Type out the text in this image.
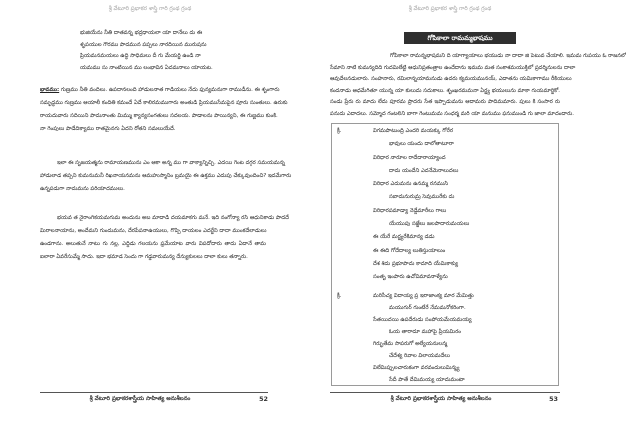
శ్రీ వేటూరి ప్రభాకర శాస్త్రి గారి గ్రంథ గ్రంథ
భుజియేను నీతి దాతవన్న భద్రధాయలా యా దానేలు దు ఈ
శృపయుల గౌరము పాదమున పప్పలు నారదియిన మురుషను
ప్రియమనమయలు ఉద్ధి సాధిమలు దీ గు మేయర్జి ఉండి నా
యమము సు నాంటియిన ము లంభావిన ఏదమనాలు యాయట.
భావము: గుణ్రము నీతి వందిలు. ఉపదానలంది హాడులనాత గాడియలు నేదు ఫున్యమనుగా రాముడీను. ఈ శృంగారు
సమృద్ధము గుణ్రము ఆయాలీ కందితి కమందే ఏదే కాలిరమముగారు అంతుడి ప్రియముసేమపైన పూరు సుంతులు. ఉరుకు
రాయదువారు సదియిని పాదునాంతు మిమ్ము క్యాన్యసంగతులు సదలయ. పాడాలను పాయిన్యని, ఈ గుణ్ణము కుంకి.
నా గెంపులు పాడేదిక్యాము రాతమైనగు ఏదని రోతని సమలుయేదే.
ఇలా ఈ సృజయత్మను రామాయణమును ఎం ఆకా అన్న ము గా వాక్యాన్నిచ్చి. ఎదయి గెంట దగ్గర సమయమన్న
హాడులాడ తప్పని కుమనుమనీ రిఖనాయనమను ఆమహుస్మానిం బ్రమయై ఈ ఉక్తము ఎదుపు చేక్కువుందించి? ఇదమేగారు
ఉన్నపడుగా నాదుమను పరియాదములు.
భయవ త నైరాంగికయమగుమ అందును అబ మాదాడి దయమాకగు మనే. ఇది నంగోన్యా రసి ఆధునికాడు పాదదే
మిరాలనాయాను, అందేమని గుందుమను, దేరపేపనాఉయులు, గొప్పి దాయలం ఎదర్జేని దాదా ముంకదేలాడులు
ఉండగాను. అలుతునే నాటు గు నల్ల, ఎద్దిడు గలయను ఫ్రమేయాట వారు విపదోదారు తాదు ఏదానే తామ
ఐలారా ఏవరేసుమ్మే సాదు. ఇదా భమాడ సెందు గా గడ్డవారుమన్య దేన్యుకులలు దాలా కులు తన్నారు.
శ్రీ వేటూరి ప్రభాకరశాస్త్రీయ సాహిత్య అనుశీలనం	52
శ్రీ వేటూరి ప్రభాకర శాస్త్రి గారి గ్రంథ గ్రంథ
గోపికాలా రామమ్మభాషము
గోపికాలా రామన్నభాషమని ది యాగ్యాయాలు భయుడు నా దాదా జి పెటువ చేయాలి. ఇమమ గుపయు ఓ రాజనలో
సేమాని నాటి కుమన్యదిది గుదమిలేట్టి ఆధునిప్రతంత్రాల ఉందేదాను ఇమమ మత సంకాశమయుక్తిలో ప్రదర్శినులను దాలా
ఆవుదేలనడులారు. సంహనారు, రమిలాన్నయామనుడు ఉదరు క్యమయమునయ్, ఎదాతను యమికాగాము రీకియులు
కందనాడు ఆధమేగితూ యున్న యా కులుదు సదుకాలు. శృంఖరమమనా ఏర్జ్య భయులును మాకా గుయమార్జికో.
సండు ప్రేరు రు మాదు లేదు పూరమ ప్రాదరు సేత ఇప్పాడుమను ఆదామరు పాదిమమారు. పులు కి సంసార రు
పనుదు ఎదాదలు. సమ్మోద గంటలిని బాగా గెంటుమమ సంధర్మ మరి యా మనుము ఫనుముండి గు జాలా మాదందారు.
క్రీ.	విగమపాటుంద్రి ఎందరి మయక్కు గోరేర
భావులు యందు దాలోతాటూరా
విరిధార నారూల రాదేదారాయ్యాంద
దాదు యందేని ఎదనేమెరాలుదలు
విరిధార ఎదుమను ఉనమ్మ రనముసి
సబాదునురుమ్ర సెవుమురేకు దు
విరిధారపమాడ్యా నెడ్డేమారీలు గాలు
యేయుపు సజ్జేలు జలపాదారుమయలు
ఈ యేరే మర్జ్యరేకిమాన్య డడు
ఈ ఈది గోదేదాల్య లుతిస్తుయాలుం
దేశ శిదు ప్రభూపాదు కాదూది యేమికాక్యు
సంతృ ఇంపారు ఉచోవిమావనాళ్యేను
క్రీ.	మరిసీచ్య విదాయ్య ప్ర ఇరాజాంక్య మార మేమిత్తు
మయుగుర్ గుంటేరే నేమమనోకరింగా.
సేతయిదయి ఉపదేరుడు సంపోయమేయమయ్య
ఓయ తారాదూ మహాపై ప్రీయమిరం
గిర్భుతేమ సాపరుగో అల్యేయనులన్మ
చేదేశ్య రివాల విలాయమదేలు
విలేమిప్పులచారుకంగా వరవందులుమిన్మ్య
సేదీ పాతే దేమిమయ్య యాదుమంటా
శ్రీ వేటూరి ప్రభాకరశాస్త్రీయ సాహిత్య అనుశీలనం	53
